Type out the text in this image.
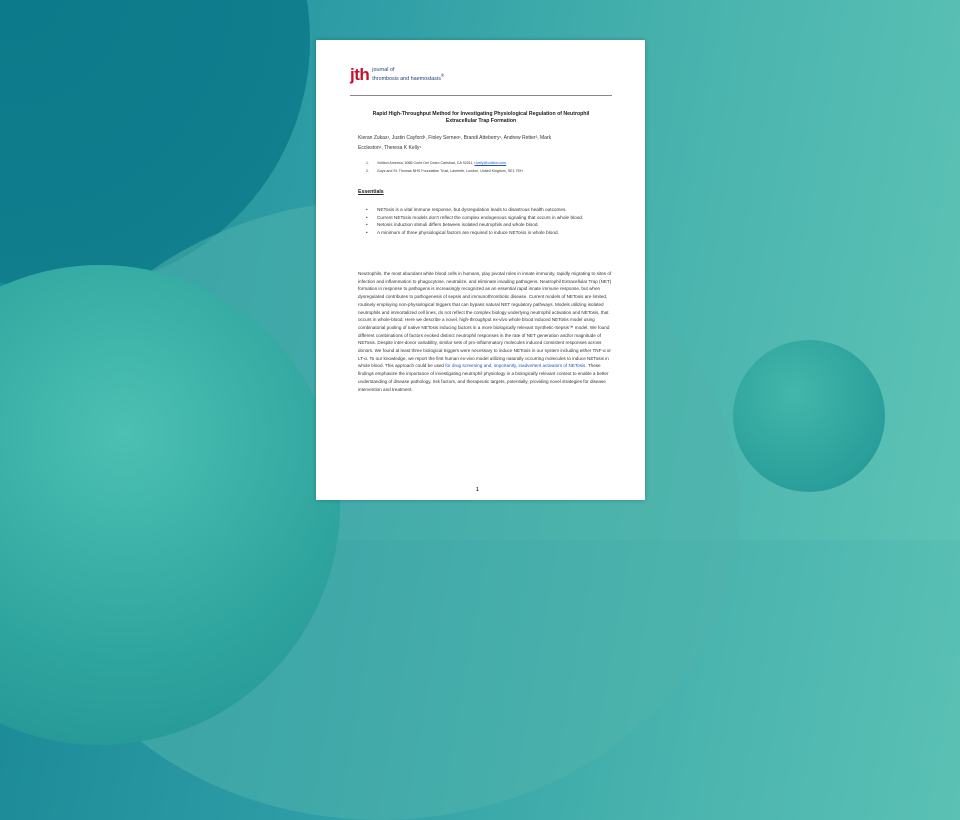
jth journal of
thrombosis and haemostasis®
Rapid High-Throughput Method for Investigating Physiological Regulation of Neutrophil
Extracellular Trap Formation
Kieran Zukas¹, Justin Cayford¹, Finley Serneo¹, Brandi Atteberry¹, Andrew Retter², Mark
Eccleston¹, Theresa K Kelly¹
1. Volition America, 6086 Corte Del Cedro Carlsbad, CA 92011, t.kelly@volition.com
2. Guys and St. Thomas NHS Foundation Trust, Lambeth, London, United Kingdom, SE1 7EH
Essentials
• NETosis is a vital immune response, but dysregulation leads to disastrous health outcomes.
• Current NETosis models don't reflect the complex endogenous signaling that occurs in whole blood.
• Netosis induction stimuli differs between isolated neutrophils and whole blood.
• A minimum of three physiological factors are required to induce NETosis in whole blood.

Neutrophils, the most abundant white blood cells in humans, play pivotal roles in innate immunity, rapidly migrating to sites of infection and inflammation to phagocytose, neutralize, and eliminate invading pathogens. Neutrophil Extracellular Trap (NET) formation in response to pathogens is increasingly recognized as an essential rapid innate immune response, but when dysregulated contributes to pathogenesis of sepsis and immunothrombotic disease. Current models of NETosis are limited, routinely employing non-physiological triggers that can bypass natural NET regulatory pathways. Models utilizing isolated neutrophils and immortalized cell lines, do not reflect the complex biology underlying neutrophil activation and NETosis, that occurs in whole-blood. Here we describe a novel, high-throughput ex-vivo whole blood induced NETosis model using combinatorial pooling of native NETosis inducing factors in a more biologically relevant Synthetic-Sepsis™ model. We found different combinations of factors evoked distinct neutrophil responses in the rate of NET generation and/or magnitude of NETosis. Despite inter-donor variability, similar sets of pro-inflammatory molecules induced consistent responses across donors. We found at least three biological triggers were necessary to induce NETosis in our system including either TNF-α or LT-α. To our knowledge, we report the first human ex-vivo model utilizing naturally occurring molecules to induce NETosis in whole blood. This approach could be used for drug screening and, importantly, inadvertent activators of NETosis. These findings emphasize the importance of investigating neutrophil physiology in a biologically relevant context to enable a better understanding of disease pathology, risk factors, and therapeutic targets, potentially, providing novel strategies for disease intervention and treatment.

1
